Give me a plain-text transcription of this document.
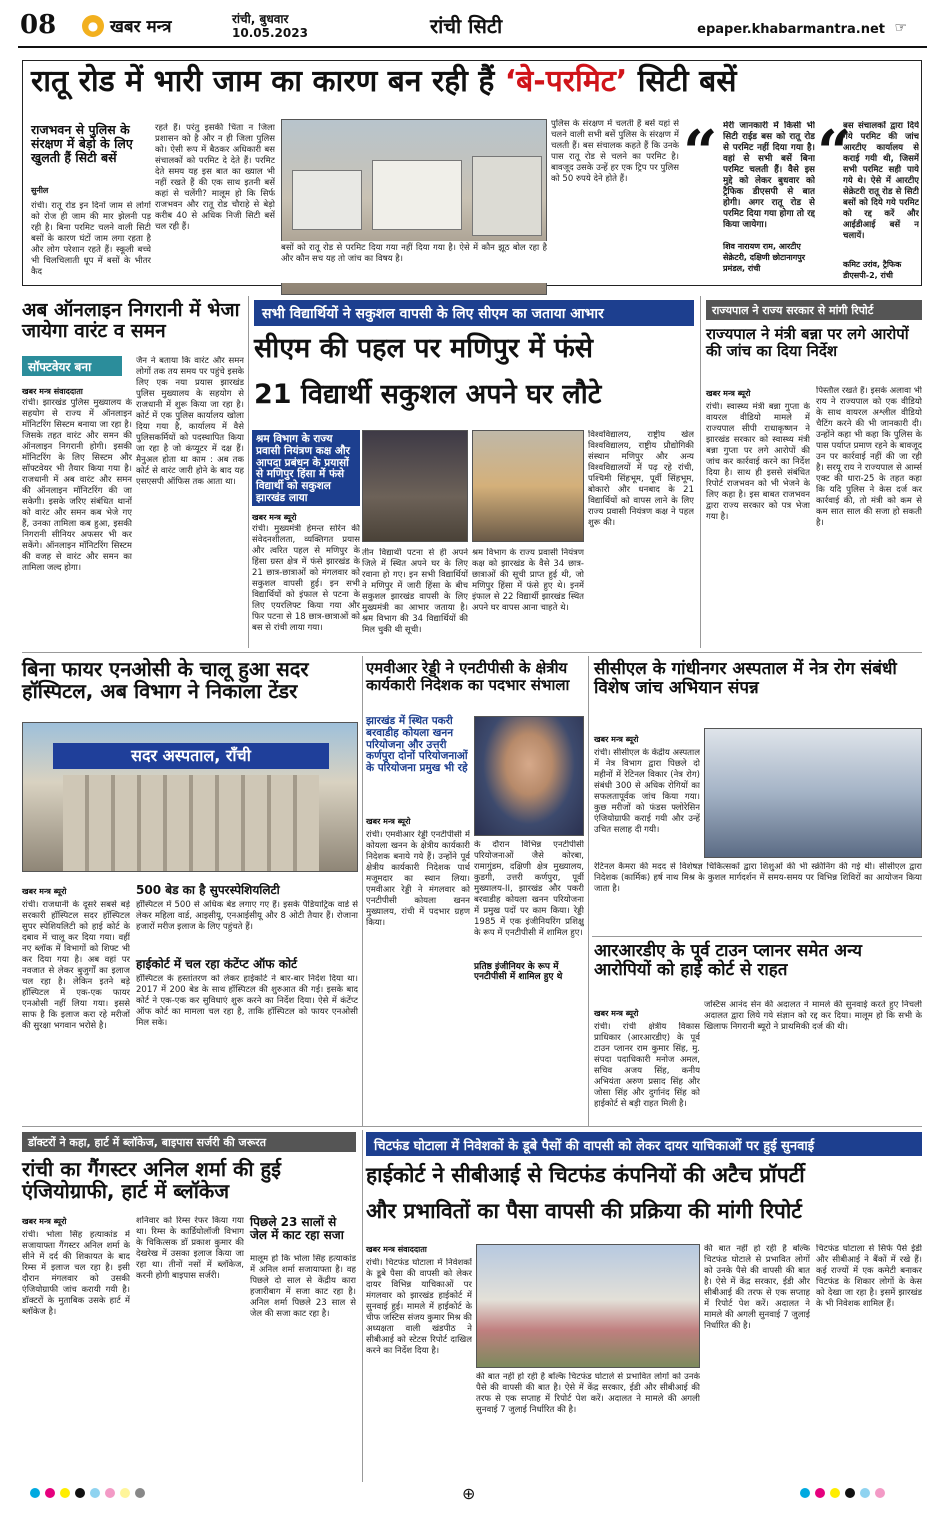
08	● खबर मन्त्र	रांची, बुधवार
10.05.2023	रांची सिटी	epaper.khabarmantra.net ☞
रातू रोड में भारी जाम का कारण बन रही हैं ‘बे-परमिट’ सिटी बसें
राजभवन से पुलिस के संरक्षण में बेड़ो के लिए खुलती हैं सिटी बसें
सुनील
रांची। रातू रोड इन दिनों जाम से लोगों को रोज ही जाम की मार झेलनी पड़ रही है। बिना परमिट चलने वाली सिटी बसों के कारण घंटों जाम लगा रहता है और लोग परेशान रहते हैं। स्कूली बच्चे भी चिलचिलाती धूप में बसों के भीतर कैद
रहते हैं। परंतु इसकी चिंता न जिला प्रशासन को है और न ही जिला पुलिस को। ऐसी रूप में बैठकर अधिकारी बस संचालकों को परमिट दे देते हैं। परमिट देते समय यह इस बात का ख्याल भी नहीं रखते हैं की एक साथ इतनी बसें कहां से चलेंगी? मालूम हो कि सिर्फ राजभवन और रातू रोड चौराहे से बेड़ो करीब 40 से अधिक निजी सिटी बसें चल रही हैं।
बसों को रातू रोड से परमिट दिया गया नहीं दिया गया है। ऐसे में कौन झूठ बोल रहा है और कौन सच यह तो जांच का विषय है।
पुलिस के संरक्षण में चलती हैं बसें यहां से चलने वाली सभी बसें पुलिस के संरक्षण में चलती हैं। बस संचालक कहते हैं कि उनके पास रातू रोड से चलने का परमिट है। बावजूद उसके उन्हें हर एक ट्रिप पर पुलिस को 50 रुपये देने होते हैं। “ मेरी जानकारी में किसी भी सिटी राईड बस को रातू रोड से परमिट नहीं दिया गया है। वहां से सभी बसें बिना परमिट चलती हैं। वैसे इस मुद्दे को लेकर बुधवार को ट्रैफिक डीएसपी से बात होगी। अगर रातू रोड से परमिट दिया गया होगा तो रद्द किया जायेगा।
शिव नारायण राम, आरटीए सेक्रेटरी, दक्षिणी छोटानागपुर प्रमंडल, रांची
“
बस संचालकों द्वारा दिये गये परमिट की जांच आरटीए कार्यालय से कराई गयी थी, जिसमें सभी परमिट सही पाये गये थे। ऐसे में आरटीए सेक्रेटरी रातू रोड से सिटी बसों को दिये गये परमिट को रद्द करें और आईडीआई बसें न चलायें।
कमिट उरांव, ट्रैफिक डीएसपी-2, रांची
अब ऑनलाइन निगरानी में भेजा जायेगा वारंट व समन
सॉफ्टवेयर बना
खबर मन्त्र संवाददाता
रांची। झारखंड पुलिस मुख्यालय के सहयोग से राज्य में ऑनलाइन मॉनिटरिंग सिस्टम बनाया जा रहा है। जिसके तहत वारंट और समन की ऑनलाइन निगरानी होगी। इसकी मॉनिटरिंग के लिए सिस्टम और सॉफ्टवेयर भी तैयार किया गया है। राजधानी में अब वारंट और समन की ऑनलाइन मॉनिटरिंग की जा सकेगी। इसके जरिए संबंधित थानों को वारंट और समन कब भेजे गए हैं, उनका तामिला कब हुआ, इसकी निगरानी सीनियर अफसर भी कर सकेंगे। ऑनलाइन मॉनिटरिंग सिस्टम की वजह से वारंट और समन का तामिला जल्द होगा।
जैन ने बताया कि वारंट और समन लोगों तक तय समय पर पहुंचे इसके लिए एक नया प्रयास झारखंड पुलिस मुख्यालय के सहयोग से राजधानी में शुरू किया जा रहा है। कोर्ट में एक पुलिस कार्यालय खोला दिया गया है, कार्यालय में वैसे पुलिसकर्मियों को पदस्थापित किया जा रहा है जो कंप्यूटर में दक्ष हैं। मैनुअल होता था काम : अब तक कोर्ट से वारंट जारी होने के बाद यह एसएसपी ऑफिस तक आता था।
सभी विद्यार्थियों ने सकुशल वापसी के लिए सीएम का जताया आभार
सीएम की पहल पर मणिपुर में फंसे
21 विद्यार्थी सकुशल अपने घर लौटे
श्रम विभाग के राज्य प्रवासी नियंत्रण कक्ष और आपदा प्रबंधन के प्रयासों से मणिपुर हिंसा में फंसे विद्यार्थी को सकुशल झारखंड लाया
खबर मन्त्र ब्यूरो
रांची। मुख्यमंत्री हेमन्त सोरेन की संवेदनशीलता, व्यक्तिगत प्रयास और त्वरित पहल से मणिपुर के हिंसा ग्रस्त क्षेत्र में फंसे झारखंड के 21 छात्र-छात्राओं को मंगलवार को सकुशल वापसी हुई। इन सभी विद्यार्थियों को इंफाल से पटना के लिए एयरलिफ्ट किया गया और फिर पटना से 18 छात्र-छात्राओं को बस से रांची लाया गया।
तीन विद्यार्थी पटना से ही अपने जिले में स्थित अपने घर के लिए रवाना हो गए। इन सभी विद्यार्थियों ने मणिपुर में जारी हिंसा के बीच सकुशल झारखंड वापसी के लिए मुख्यमंत्री का आभार जताया है। श्रम विभाग की 34 विद्यार्थियों की मिल चुकी थी सूची।
श्रम विभाग के राज्य प्रवासी नियंत्रण कक्ष को झारखंड के वैसे 34 छात्र-छात्राओं की सूची प्राप्त हुई थी, जो मणिपुर हिंसा में फंसे हुए थे। इनमें इंफाल से 22 विद्यार्थी झारखंड स्थित अपने घर वापस आना चाहते थे।
विश्वविद्यालय, राष्ट्रीय खेल विश्वविद्यालय, राष्ट्रीय प्रौद्योगिकी संस्थान मणिपुर और अन्य विश्वविद्यालयों में पढ़ रहे रांची, पश्चिमी सिंहभूम, पूर्वी सिंहभूम, बोकारो और धनबाद के 21 विद्यार्थियों को वापस लाने के लिए राज्य प्रवासी नियंत्रण कक्ष ने पहल शुरू की।
राज्यपाल ने राज्य सरकार से मांगी रिपोर्ट
राज्यपाल ने मंत्री बन्ना पर लगे आरोपों की जांच का दिया निर्देश
खबर मन्त्र ब्यूरो
रांची। स्वास्थ्य मंत्री बन्ना गुप्ता के वायरल वीडियो मामले में राज्यपाल सीपी राधाकृष्णन ने झारखंड सरकार को स्वास्थ्य मंत्री बन्ना गुप्ता पर लगे आरोपों की जांच कर कार्रवाई करने का निर्देश दिया है। साथ ही इससे संबंधित रिपोर्ट राजभवन को भी भेजने के लिए कहा है। इस बाबत राजभवन द्वारा राज्य सरकार को पत्र भेजा गया है।
पिस्तौल रखते हैं। इसके अलावा भी राय ने राज्यपाल को एक वीडियो के साथ वायरल अश्लील वीडियो चैटिंग करने की भी जानकारी दी। उन्होंने कहा भी कहा कि पुलिस के पास पर्याप्त प्रमाण रहने के बावजूद उन पर कार्रवाई नहीं की जा रही है। सरयू राय ने राज्यपाल से आर्म्स एक्ट की धारा-25 के तहत कहा कि यदि पुलिस ने केस दर्ज कर कार्रवाई की, तो मंत्री को कम से कम सात साल की सजा हो सकती है।
बिना फायर एनओसी के चालू हुआ सदर हॉस्पिटल, अब विभाग ने निकाला टेंडर
सदर अस्पताल, राँची
खबर मन्त्र ब्यूरो
रांची। राजधानी के दूसरे सबसे बड़े सरकारी हॉस्पिटल सदर हॉस्पिटल सुपर स्पेशियलिटी को हाई कोर्ट के दबाव में चालू कर दिया गया। वहीं नए ब्लॉक में विभागों को शिफ्ट भी कर दिया गया है। अब वहां पर नवजात से लेकर बुजुर्गों का इलाज चल रहा है। लेकिन इतने बड़े हॉस्पिटल में एक-एक फायर एनओसी नहीं लिया गया। इससे साफ है कि इलाज करा रहे मरीजों की सुरक्षा भगवान भरोसे है।
500 बेड का है सुपरस्पेशियलिटी
हॉस्पिटल में 500 से अधिक बेड लगाए गए हैं। इसके पैडियाट्रिक वार्ड से लेकर महिला वार्ड, आइसीयू, एनआईसीयू और 8 ओटी तैयार हैं। रोजाना हजारों मरीज इलाज के लिए पहुंचते हैं।
हाईकोर्ट में चल रहा कंटेंप्ट ऑफ कोर्ट
हॉस्पिटल के हस्तांतरण को लेकर हाईकोर्ट ने बार-बार निर्देश दिया था। 2017 में 200 बेड के साथ हॉस्पिटल की शुरुआत की गई। इसके बाद कोर्ट ने एक-एक कर सुविधाएं शुरू करने का निर्देश दिया। ऐसे में कंटेंप्ट ऑफ कोर्ट का मामला चल रहा है, ताकि हॉस्पिटल को फायर एनओसी मिल सके।
एमवीआर रेड्डी ने एनटीपीसी के क्षेत्रीय कार्यकारी निदेशक का पदभार संभाला
झारखंड में स्थित पकरी बरवाडीह कोयला खनन परियोजना और उत्तरी कर्णपुरा दोनों परियोजनाओं के परियोजना प्रमुख भी रहे
खबर मन्त्र ब्यूरो
रांची। एमवीआर रेड्डी एनटीपीसी में कोयला खनन के क्षेत्रीय कार्यकारी निदेशक बनाये गये हैं। उन्होंने पूर्व क्षेत्रीय कार्यकारी निदेशक पार्थ मजूमदार का स्थान लिया। एमवीआर रेड्डी ने मंगलवार को एनटीपीसी कोयला खनन मुख्यालय, रांची में पदभार ग्रहण किया।
के दौरान विभिन्न एनटीपीसी परियोजनाओं जैसे कोरबा, रामागुंडम, दक्षिणी क्षेत्र मुख्यालय, कुडगी, उत्तरी कर्णपुरा, पूर्वी मुख्यालय-II, झारखंड और पकरी बरवाडीह कोयला खनन परियोजना में प्रमुख पदों पर काम किया। रेड्डी 1985 में एक इंजीनियरिंग प्रशिक्षु के रूप में एनटीपीसी में शामिल हुए।
प्रतिष्ठ इंजीनियर के रूप में एनटीपीसी में शामिल हुए थे
सीसीएल के गांधीनगर अस्पताल में नेत्र रोग संबंधी विशेष जांच अभियान संपन्न
खबर मन्त्र ब्यूरो
रांची। सीसीएल के केंद्रीय अस्पताल में नेत्र विभाग द्वारा पिछले दो महीनों में रेटिनल विकार (नेत्र रोग) संबंधी 300 से अधिक रोगियों का सफलतापूर्वक जांच किया गया। कुछ मरीजों को फंडस फ्लोरेसिन एंजियोग्राफी कराई गयी और उन्हें उचित सलाह दी गयी।
रेटिनल कैमरा की मदद से विशेषज्ञ चिकित्सकों द्वारा शिशुओं की भी स्क्रीनिंग की गई थी। सीसीएल द्वारा निदेशक (कार्मिक) हर्ष नाथ मिश्र के कुशल मार्गदर्शन में समय-समय पर विभिन्न शिविरों का आयोजन किया जाता है।
आरआरडीए के पूर्व टाउन प्लानर समेत अन्य आरोपियों को हाई कोर्ट से राहत
खबर मन्त्र ब्यूरो
रांची। रांची क्षेत्रीय विकास प्राधिकार (आरआरडीए) के पूर्व टाउन प्लानर राम कुमार सिंह, मु. संपदा पदाधिकारी मनोज अमल, सचिव अजय सिंह, कनीय अभियंता अरुण प्रसाद सिंह और जोसा सिंह और दुर्गानंद सिंह को हाईकोर्ट से बड़ी राहत मिली है।
जस्टिस आनंद सेन की अदालत ने मामले की सुनवाई करते हुए निचली अदालत द्वारा लिये गये संज्ञान को रद्द कर दिया। मालूम हो कि सभी के खिलाफ निगरानी ब्यूरो ने प्राथमिकी दर्ज की थी।
डॉक्टरों ने कहा, हार्ट में ब्लॉकेज, बाइपास सर्जरी की जरूरत
रांची का गैंगस्टर अनिल शर्मा की हुई एंजियोग्राफी, हार्ट में ब्लॉकेज
खबर मन्त्र ब्यूरो
रांची। भोला सिंह हत्याकांड में सजायाफ्ता गैंगस्टर अनिल शर्मा के सीने में दर्द की शिकायत के बाद रिम्स में इलाज चल रहा है। इसी दौरान मंगलवार को उसकी एंजियोग्राफी जांच करायी गयी है। डॉक्टरों के मुताबिक उसके हार्ट में ब्लॉकेज है।
शनिवार को रिम्स रेफर किया गया था। रिम्स के कार्डियोलॉजी विभाग के चिकित्सक डॉ प्रकाश कुमार की देखरेख में उसका इलाज किया जा रहा था। तीनों नसों में ब्लॉकेज, करनी होगी बाइपास सर्जरी।
पिछले 23 सालों से जेल में काट रहा सजा
मालूम हो कि भोला सिंह हत्याकांड में अनिल शर्मा सजायाफ्ता है। वह पिछले दो साल से केंद्रीय कारा हजारीबाग में सजा काट रहा है। अनिल शर्मा पिछले 23 साल से जेल की सजा काट रहा है।
चिटफंड घोटाला में निवेशकों के डूबे पैसों की वापसी को लेकर दायर याचिकाओं पर हुई सुनवाई
हाईकोर्ट ने सीबीआई से चिटफंड कंपनियों की अटैच प्रॉपर्टी
और प्रभावितों का पैसा वापसी की प्रक्रिया की मांगी रिपोर्ट
खबर मन्त्र संवाददाता
रांची। चिटफंड घोटाला में निवेशकों के डूबे पैसा की वापसी को लेकर दायर विभिन्न याचिकाओं पर मंगलवार को झारखंड हाईकोर्ट में सुनवाई हुई। मामले में हाईकोर्ट के चीफ जस्टिस संजय कुमार मिश्र की अध्यक्षता वाली खंडपीठ ने सीबीआई को स्टेटस रिपोर्ट दाखिल करने का निर्देश दिया है।
की बात नहीं हो रही है बल्कि चिटफंड घोटाले से प्रभावित लोगों को उनके पैसे की वापसी की बात है। ऐसे में केंद्र सरकार, ईडी और सीबीआई की तरफ से एक सप्ताह में रिपोर्ट पेश करें। अदालत ने मामले की अगली सुनवाई 7 जुलाई निर्धारित की है।
की बात नहीं हो रही है बल्कि चिटफंड घोटाले से प्रभावित लोगों को उनके पैसे की वापसी की बात है। ऐसे में केंद्र सरकार, ईडी और सीबीआई की तरफ से एक सप्ताह में रिपोर्ट पेश करें। अदालत ने मामले की अगली सुनवाई 7 जुलाई निर्धारित की है।
चिटफंड घोटाला से सिर्फ पैसे ईडी और सीबीआई ने बैंकों में रखे हैं। कई राज्यों में एक कमेटी बनाकर चिटफंड के शिकार लोगों के केस को देखा जा रहा है। इसमें झारखंड के भी निवेशक शामिल हैं।
⊕
